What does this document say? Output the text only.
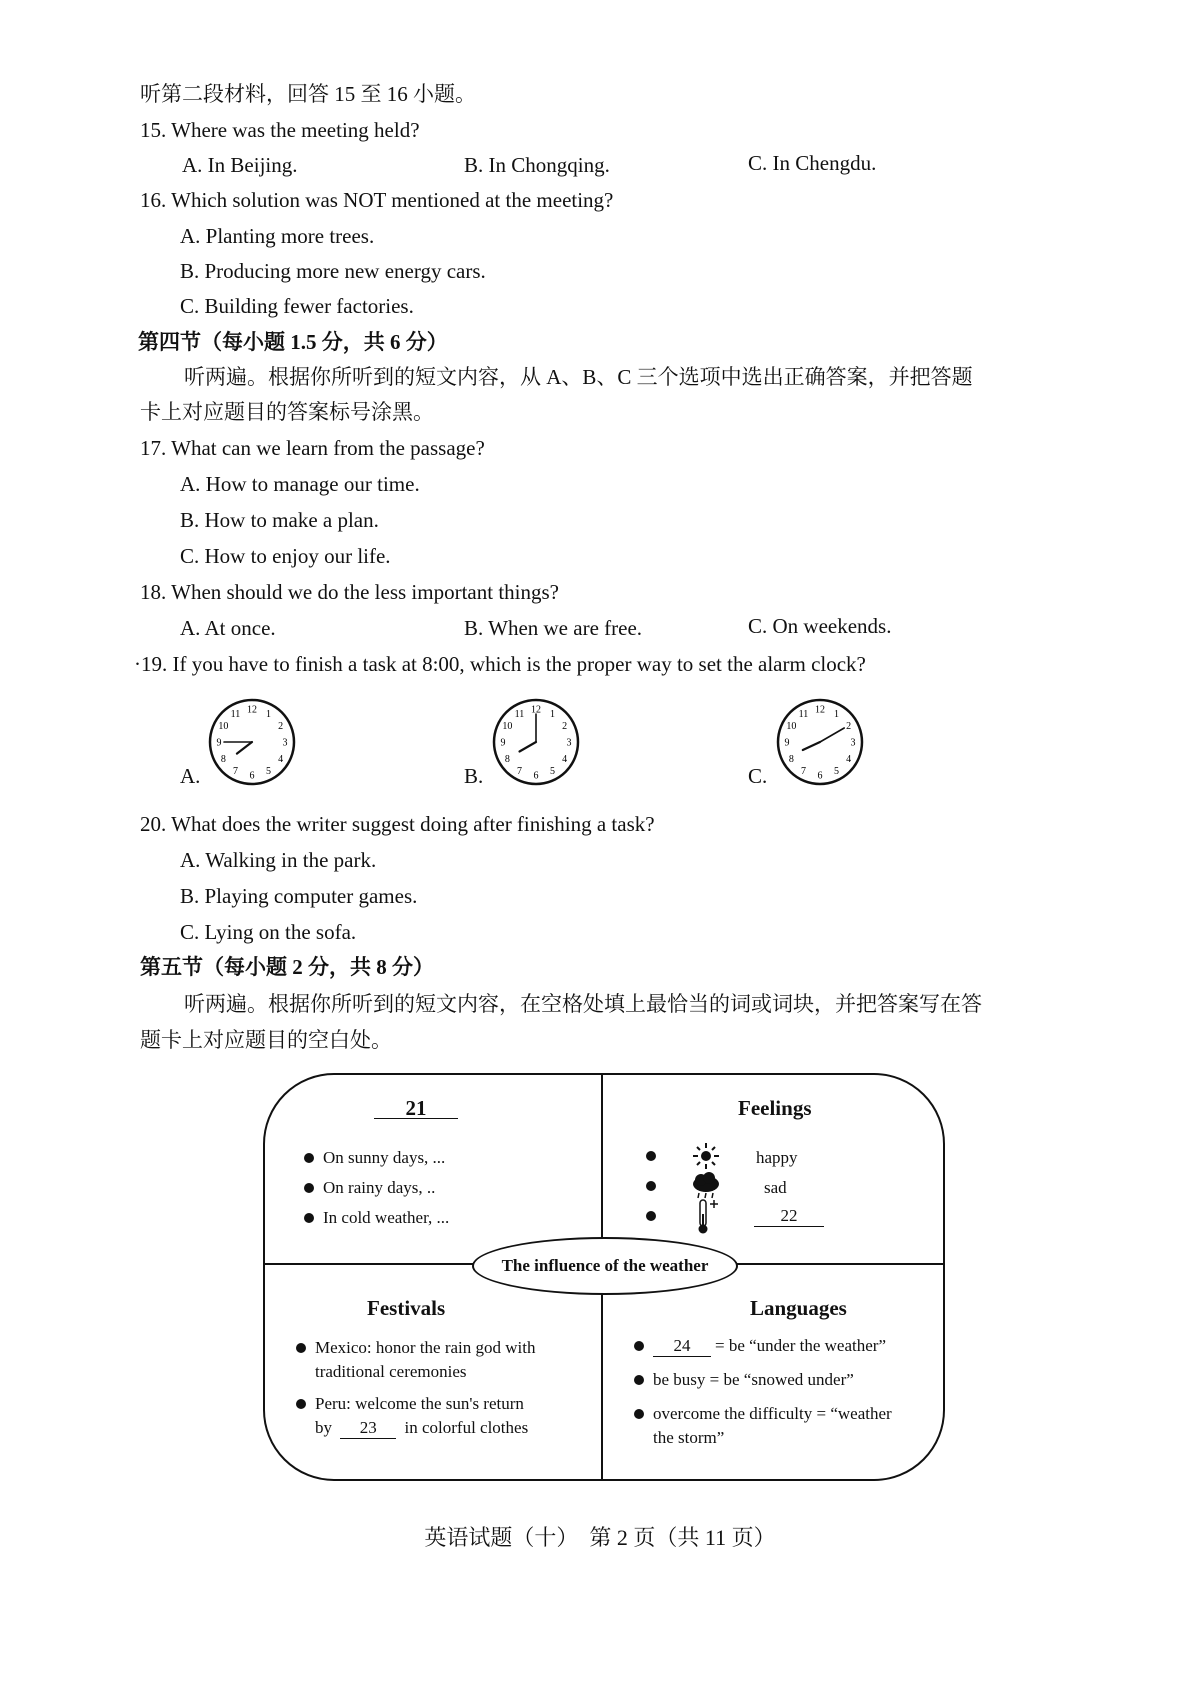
听第二段材料，回答 15 至 16 小题。
15. Where was the meeting held?
A. In Beijing.	B. In Chongqing.	C. In Chengdu.
16. Which solution was NOT mentioned at the meeting?
A. Planting more trees.
B. Producing more new energy cars.
C. Building fewer factories.
第四节（每小题 1.5 分，共 6 分）
听两遍。根据你所听到的短文内容，从 A、B、C 三个选项中选出正确答案，并把答题
卡上对应题目的答案标号涂黑。
17. What can we learn from the passage?
A. How to manage our time.
B. How to make a plan.
C. How to enjoy our life.
18. When should we do the less important things?
A. At once.	B. When we are free.	C. On weekends.
·19. If you have to finish a task at 8:00, which is the proper way to set the alarm clock?
A.
12 1
2
3
4
5
6
7
8
9
10
11
B.
12 1
2
3
4
5
6
7
8
9
10
11
C.
12 1
2
3
4
5
6
7
8
9
10
11
20. What does the writer suggest doing after finishing a task?
A. Walking in the park.
B. Playing computer games.
C. Lying on the sofa.
第五节（每小题 2 分，共 8 分）
听两遍。根据你所听到的短文内容，在空格处填上最恰当的词或词块，并把答案写在答
题卡上对应题目的空白处。
21
On sunny days, ...
On rainy days, ..
In cold weather, ...
Feelings
happy
sad
22
The influence of the weather
Festivals
Mexico: honor the rain god with
traditional ceremonies
Peru: welcome the sun's return
by 23 in colorful clothes
Languages
24 = be “under the weather”
be busy = be “snowed under”
overcome the difficulty = “weather
the storm”
英语试题（十）　第 2 页（共 11 页）
